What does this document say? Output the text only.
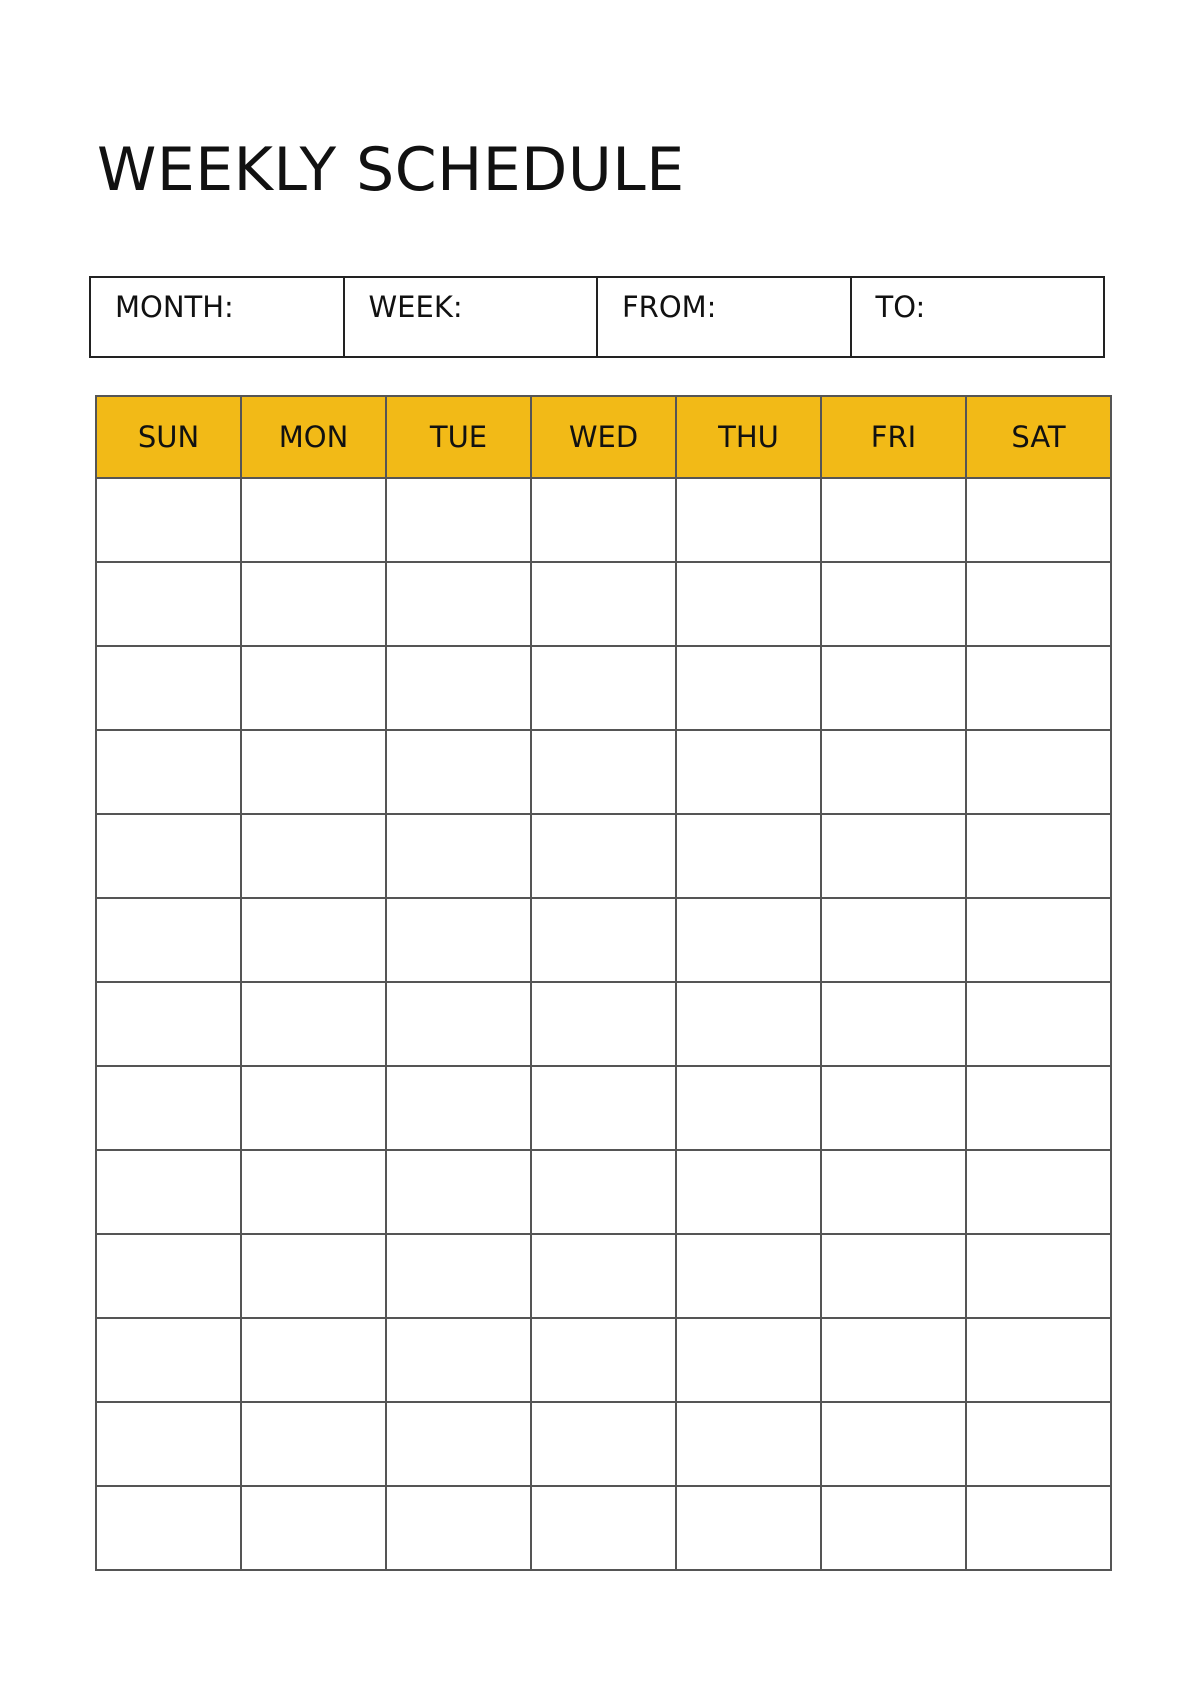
WEEKLY SCHEDULE
MONTH:	WEEK:	FROM:	TO:
SUN	MON	TUE	WED	THU	FRI	SAT
